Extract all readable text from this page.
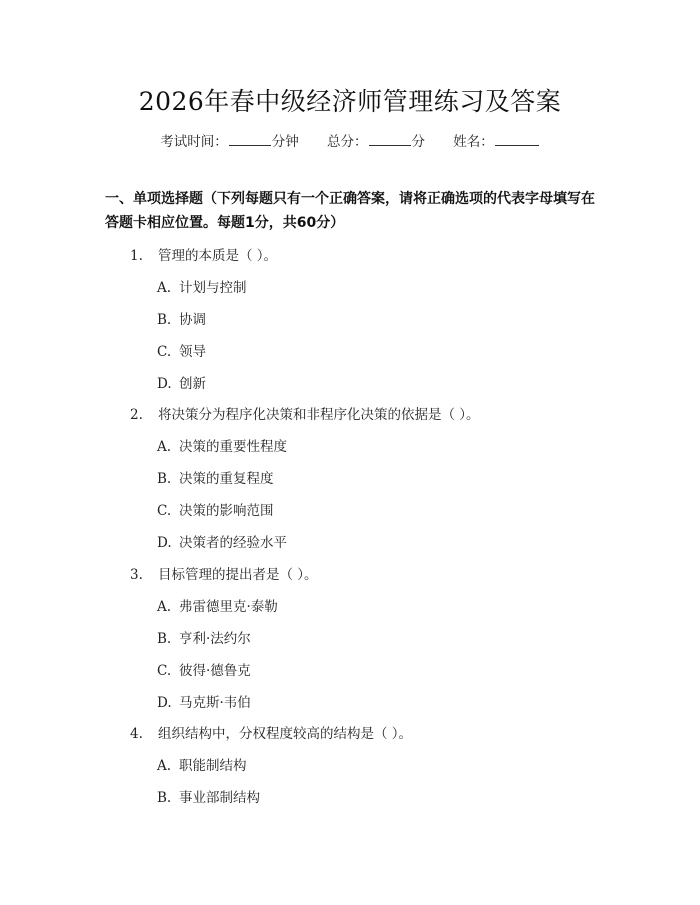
2026年春中级经济师管理练习及答案
考试时间：	分钟 总分：	分 姓名：
一、单项选择题（下列每题只有一个正确答案，请将正确选项的代表字母填写在答题卡相应位置。每题1分，共60分）
1. 管理的本质是（ ）。
A. 计划与控制
B. 协调
C. 领导
D. 创新
2. 将决策分为程序化决策和非程序化决策的依据是（ ）。
A. 决策的重要性程度
B. 决策的重复程度
C. 决策的影响范围
D. 决策者的经验水平
3. 目标管理的提出者是（ ）。
A. 弗雷德里克·泰勒
B. 亨利·法约尔
C. 彼得·德鲁克
D. 马克斯·韦伯
4. 组织结构中，分权程度较高的结构是（ ）。
A. 职能制结构
B. 事业部制结构
